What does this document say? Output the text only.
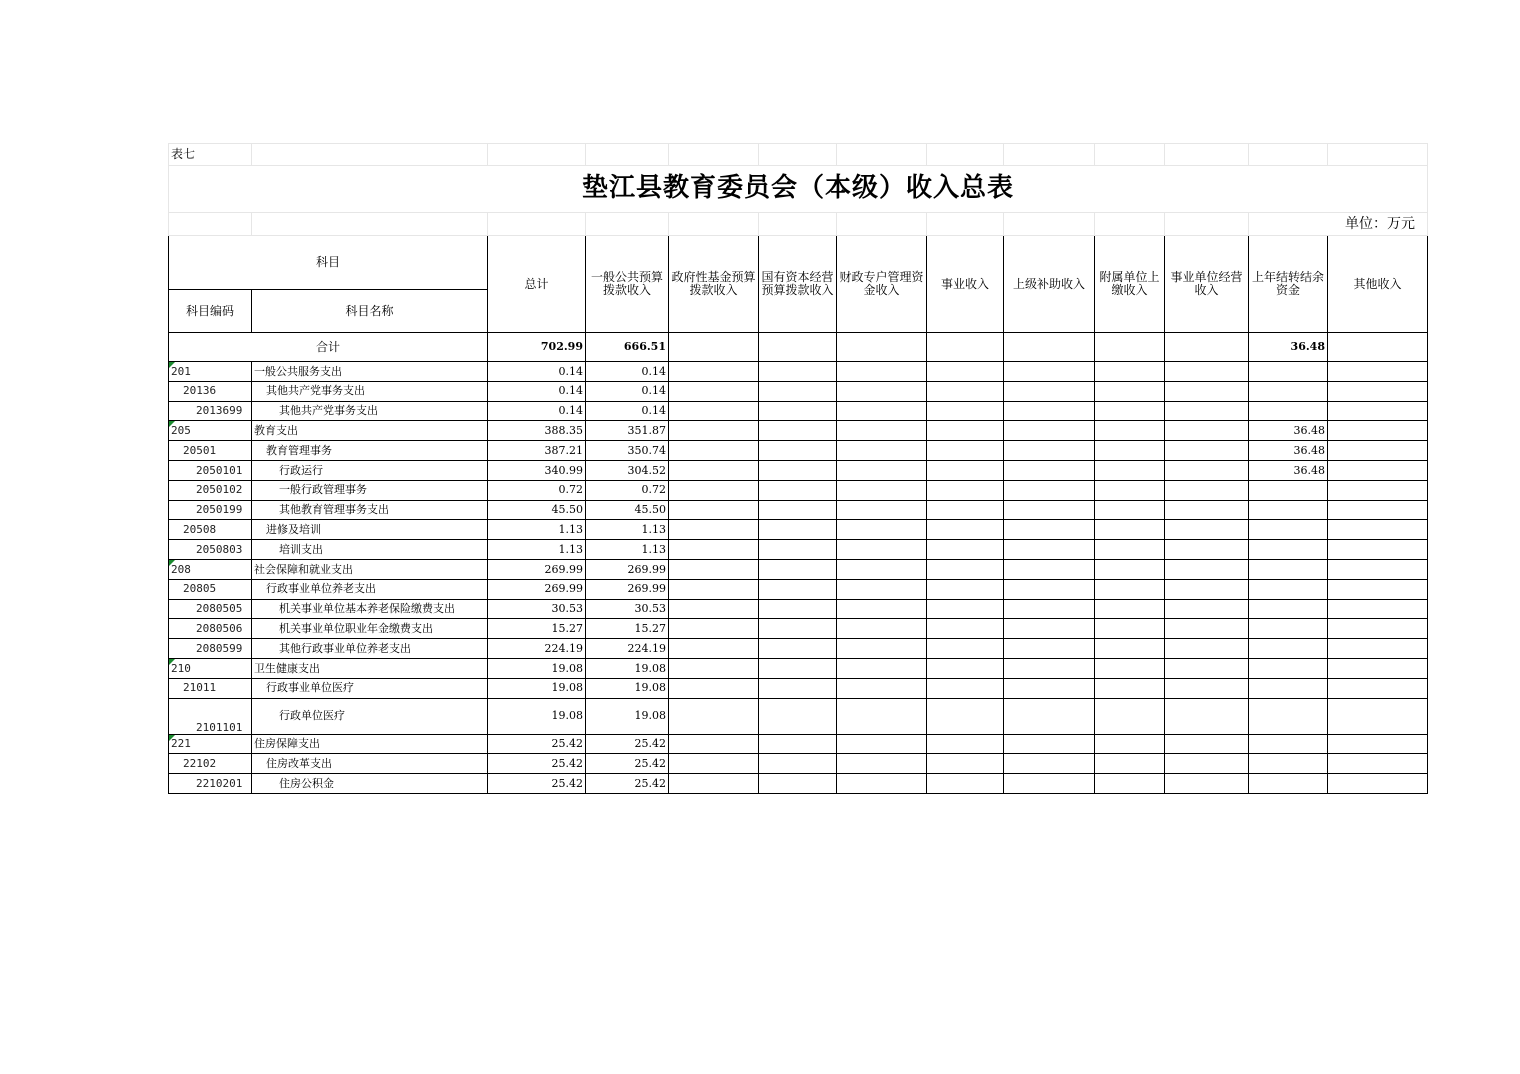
表七												
垫江县教育委员会（本级）收入总表												
											单位：万元	
科目		总计	一般公共预算拨款收入	政府性基金预算拨款收入	国有资本经营预算拨款收入	财政专户管理资金收入	事业收入	上级补助收入	附属单位上缴收入	事业单位经营收入	上年结转结余资金	其他收入
科目编码	科目名称											
合计		702.99	666.51								36.48	
201	一般公共服务支出	0.14	0.14									
20136	其他共产党事务支出	0.14	0.14									
2013699	其他共产党事务支出	0.14	0.14									
205	教育支出	388.35	351.87								36.48	
20501	教育管理事务	387.21	350.74								36.48	
2050101	行政运行	340.99	304.52								36.48	
2050102	一般行政管理事务	0.72	0.72									
2050199	其他教育管理事务支出	45.50	45.50									
20508	进修及培训	1.13	1.13									
2050803	培训支出	1.13	1.13									
208	社会保障和就业支出	269.99	269.99									
20805	行政事业单位养老支出	269.99	269.99									
2080505	机关事业单位基本养老保险缴费支出	30.53	30.53									
2080506	机关事业单位职业年金缴费支出	15.27	15.27									
2080599	其他行政事业单位养老支出	224.19	224.19									
210	卫生健康支出	19.08	19.08									
21011	行政事业单位医疗	19.08	19.08									
2101101	行政单位医疗	19.08	19.08									
221	住房保障支出	25.42	25.42									
22102	住房改革支出	25.42	25.42									
2210201	住房公积金	25.42	25.42									
